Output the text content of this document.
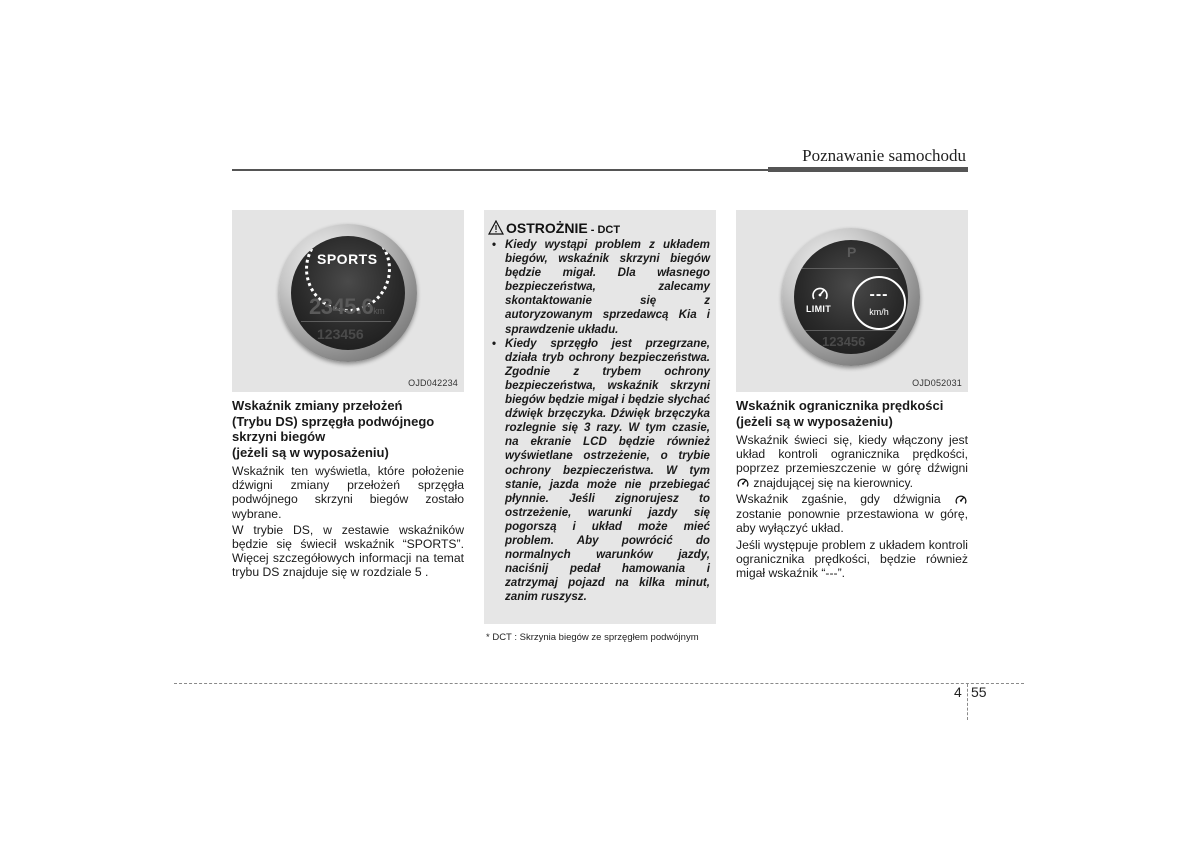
Poznawanie samochodu
SPORTS
2345.6km
123456
OJD042234
Wskaźnik zmiany przełożeń
(Trybu DS) sprzęgła podwójnego
skrzyni biegów
(jeżeli są w wyposażeniu)

Wskaźnik ten wyświetla, które położenie dźwigni zmiany przełożeń sprzęgła podwójnego skrzyni biegów zostało wybrane.

W trybie DS, w zestawie wskaźników będzie się świecił wskaźnik “SPORTS”. Więcej szczegółowych informacji na temat trybu DS znajduje się w rozdziale 5 .

OSTROŻNIE - DCT
• Kiedy wystąpi problem z układem biegów, wskaźnik skrzyni biegów będzie migał. Dla własnego bezpieczeństwa, zalecamy skontaktowanie się z autoryzowanym sprzedawcą Kia i sprawdzenie układu.
• Kiedy sprzęgło jest przegrzane, działa tryb ochrony bezpieczeństwa. Zgodnie z trybem ochrony bezpieczeństwa, wskaźnik skrzyni biegów będzie migał i będzie słychać dźwięk brzęczyka. Dźwięk brzęczyka rozlegnie się 3 razy. W tym czasie, na ekranie LCD będzie również wyświetlane ostrzeżenie, o trybie ochrony bezpieczeństwa. W tym stanie, jazda może nie przebiegać płynnie. Jeśli zignorujesz to ostrzeżenie, warunki jazdy się pogorszą i układ może mieć problem. Aby powrócić do normalnych warunków jazdy, naciśnij pedał hamowania i zatrzymaj pojazd na kilka minut, zanim ruszysz.
* DCT : Skrzynia biegów ze sprzęgłem podwójnym
P
LIMIT
---
km/h
123456
OJD052031
Wskaźnik ogranicznika prędkości
(jeżeli są w wyposażeniu)

Wskaźnik świeci się, kiedy włączony jest układ kontroli ogranicznika prędkości, poprzez przemieszczenie w górę dźwigni  znajdującej się na kierownicy.

Wskaźnik zgaśnie, gdy dźwignia  zostanie ponownie przestawiona w górę, aby wyłączyć układ.

Jeśli występuje problem z układem kontroli ogranicznika prędkości, będzie również migał wskaźnik “---”.

4 55
